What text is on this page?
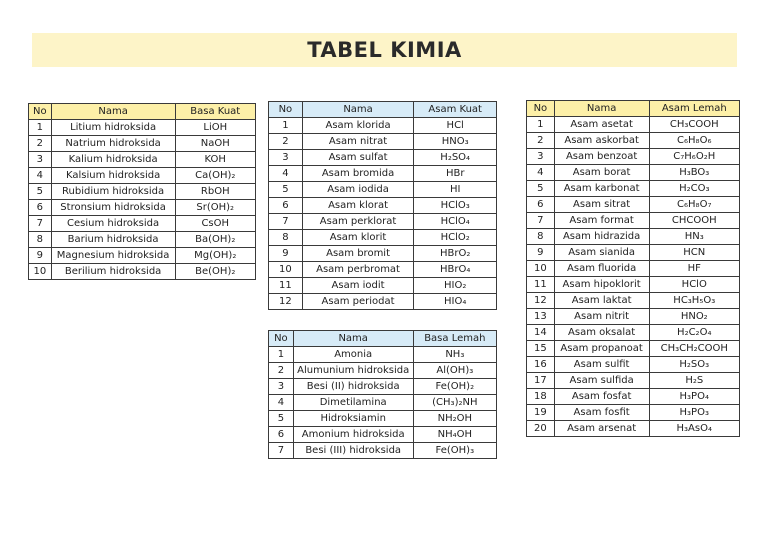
TABEL KIMIA
No	Nama	Basa Kuat
1	Litium hidroksida	LiOH
2	Natrium hidroksida	NaOH
3	Kalium hidroksida	KOH
4	Kalsium hidroksida	Ca(OH)₂
5	Rubidium hidroksida	RbOH
6	Stronsium hidroksida	Sr(OH)₂
7	Cesium hidroksida	CsOH
8	Barium hidroksida	Ba(OH)₂
9	Magnesium hidroksida	Mg(OH)₂
10	Berilium hidroksida	Be(OH)₂
No	Nama	Asam Kuat
1	Asam klorida	HCl
2	Asam nitrat	HNO₃
3	Asam sulfat	H₂SO₄
4	Asam bromida	HBr
5	Asam iodida	HI
6	Asam klorat	HClO₃
7	Asam perklorat	HClO₄
8	Asam klorit	HClO₂
9	Asam bromit	HBrO₂
10	Asam perbromat	HBrO₄
11	Asam iodit	HIO₂
12	Asam periodat	HIO₄
No	Nama	Basa Lemah
1	Amonia	NH₃
2	Alumunium hidroksida	Al(OH)₃
3	Besi (II) hidroksida	Fe(OH)₂
4	Dimetilamina	(CH₃)₂NH
5	Hidroksiamin	NH₂OH
6	Amonium hidroksida	NH₄OH
7	Besi (III) hidroksida	Fe(OH)₃
No	Nama	Asam Lemah
1	Asam asetat	CH₃COOH
2	Asam askorbat	C₆H₈O₆
3	Asam benzoat	C₇H₆O₂H
4	Asam borat	H₃BO₃
5	Asam karbonat	H₂CO₃
6	Asam sitrat	C₆H₈O₇
7	Asam format	CHCOOH
8	Asam hidrazida	HN₃
9	Asam sianida	HCN
10	Asam fluorida	HF
11	Asam hipoklorit	HClO
12	Asam laktat	HC₃H₅O₃
13	Asam nitrit	HNO₂
14	Asam oksalat	H₂C₂O₄
15	Asam propanoat	CH₃CH₂COOH
16	Asam sulfit	H₂SO₃
17	Asam sulfida	H₂S
18	Asam fosfat	H₃PO₄
19	Asam fosfit	H₃PO₃
20	Asam arsenat	H₃AsO₄
